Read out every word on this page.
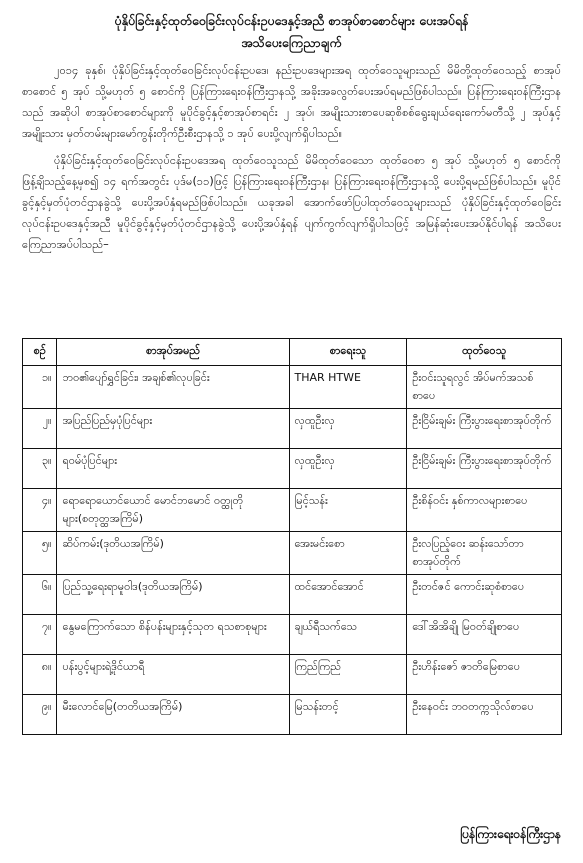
ပုံနှိပ်ခြင်းနှင့်ထုတ်ဝေခြင်းလုပ်ငန်းဥပဒေနှင့်အညီ စာအုပ်စာစောင်များ ပေးအပ်ရန်
အသိပေးကြေညာချက်

၂၀၁၄ ခုနှစ်၊ ပုံနှိပ်ခြင်းနှင့်ထုတ်ဝေခြင်းလုပ်ငန်းဥပဒေ၊ နည်းဥပဒေများအရ ထုတ်ဝေသူများသည် မိမိတို့ထုတ်ဝေသည့် စာအုပ်စာစောင် ၅ အုပ် သို့မဟုတ် ၅ စောင်ကို ပြန်ကြားရေးဝန်ကြီးဌာနသို့ အခိုးအခလွတ်ပေးအပ်ရမည်ဖြစ်ပါသည်။ ပြန်ကြားရေးဝန်ကြီးဌာနသည် အဆိုပါ စာအုပ်စာစောင်များကို မူပိုင်ခွင့်နှင့်စာအုပ်စာရင်း ၂ အုပ်၊ အမျိုးသားစာပေဆုစိစစ်ရွေးချယ်ရေးကော်မတီသို့ ၂ အုပ်နှင့် အမျိုးသား မှတ်တမ်းများမော်ကွန်းတိုက်ဦးစီးဌာနသို့ ၁ အုပ် ပေးပို့လျက်ရှိပါသည်။

ပုံနှိပ်ခြင်းနှင့်ထုတ်ဝေခြင်းလုပ်ငန်းဥပဒေအရ ထုတ်ဝေသူသည် မိမိထုတ်ဝေသော ထုတ်ဝေစာ ၅ အုပ် သို့မဟုတ် ၅ စောင်ကို ဖြန့်ချိသည့်နေ့မှစ၍ ၁၄ ရက်အတွင်း ပုဒ်မ(၁၁)ဖြင့် ပြန်ကြားရေးဝန်ကြီးဌာန၊ ပြန်ကြားရေးဝန်ကြီးဌာနသို့ ပေးပို့ရမည်ဖြစ်ပါသည်။ မူပိုင်ခွင့်နှင့်မှတ်ပုံတင်ဌာနခွဲသို့ ပေးပို့အပ်နှံရမည်ဖြစ်ပါသည်။ ယခုအခါ အောက်ဖော်ပြပါထုတ်ဝေသူများသည် ပုံနှိပ်ခြင်းနှင့်ထုတ်ဝေခြင်းလုပ်ငန်းဥပဒေနှင့်အညီ မူပိုင်ခွင့်နှင့်မှတ်ပုံတင်ဌာနခွဲသို့ ပေးပို့အပ်နှံရန် ပျက်ကွက်လျက်ရှိပါသဖြင့် အမြန်ဆုံးပေးအပ်နိုင်ပါရန် အသိပေးကြေညာအပ်ပါသည်–

စဉ်	စာအုပ်အမည်	စာရေးသူ	ထုတ်ဝေသူ
၁။	ဘဝ၏ပျော်ရွှင်ခြင်း၊ အချစ်၏လုပခြင်း	THAR HTWE	ဦးဝင်းသူရလွင် အိပ်မက်အသစ်စာပေ
၂။	အပြည်ပြည်မှပုံပြင်များ	လှထူဦးလှ	ဦးငြိမ်းချမ်း ကြီးပွားရေးစာအုပ်တိုက်
၃။	ရဝမ်ပုံပြင်များ	လှထူဦးလှ	ဦးငြိမ်းချမ်း ကြီးပွားရေးစာအုပ်တိုက်
၄။	ရောရောယောင်ယောင် မောင်ဘမောင် ဝတ္ထုတိုများ(စတုတ္ထအကြိမ်)	မြင့်သန်း	ဦးစိန်ဝင်း နှစ်ကာလများစာပေ
၅။	ဆိပ်ကမ်း(ဒုတိယအကြိမ်)	အေးမင်းစော	ဦးလပြည့်ဝေး ဆန်းသော်တာစာအုပ်တိုက်
၆။	ပြည်သူ့ရေးရာမူဝါဒ(ဒုတိယအကြိမ်)	ထင်အောင်အောင်	ဦးတင်ဇင် ကောင်းဆုစံစာပေ
၇။	နွေမကြောက်သော စိန်ပန်းများနှင့်သုတ ရသစာစုများ	ချယ်ရီသက်သေ	ဒေါ်အိအိချို မြဝတ်ချိုစာပေ
၈။	ပန်းပွင့်များရဲ့ဒိုင်ယာရီ	ကြည်ကြည်	ဦးဟိန်းဇော် ဇာတိမြေစာပေ
၉။	မီးလောင်မြေ(တတိယအကြိမ်)	မြသန်းတင့်	ဦးနေဝင်း ဘဝတက္ကသိုလ်စာပေ
ပြန်ကြားရေးဝန်ကြီးဌာန
